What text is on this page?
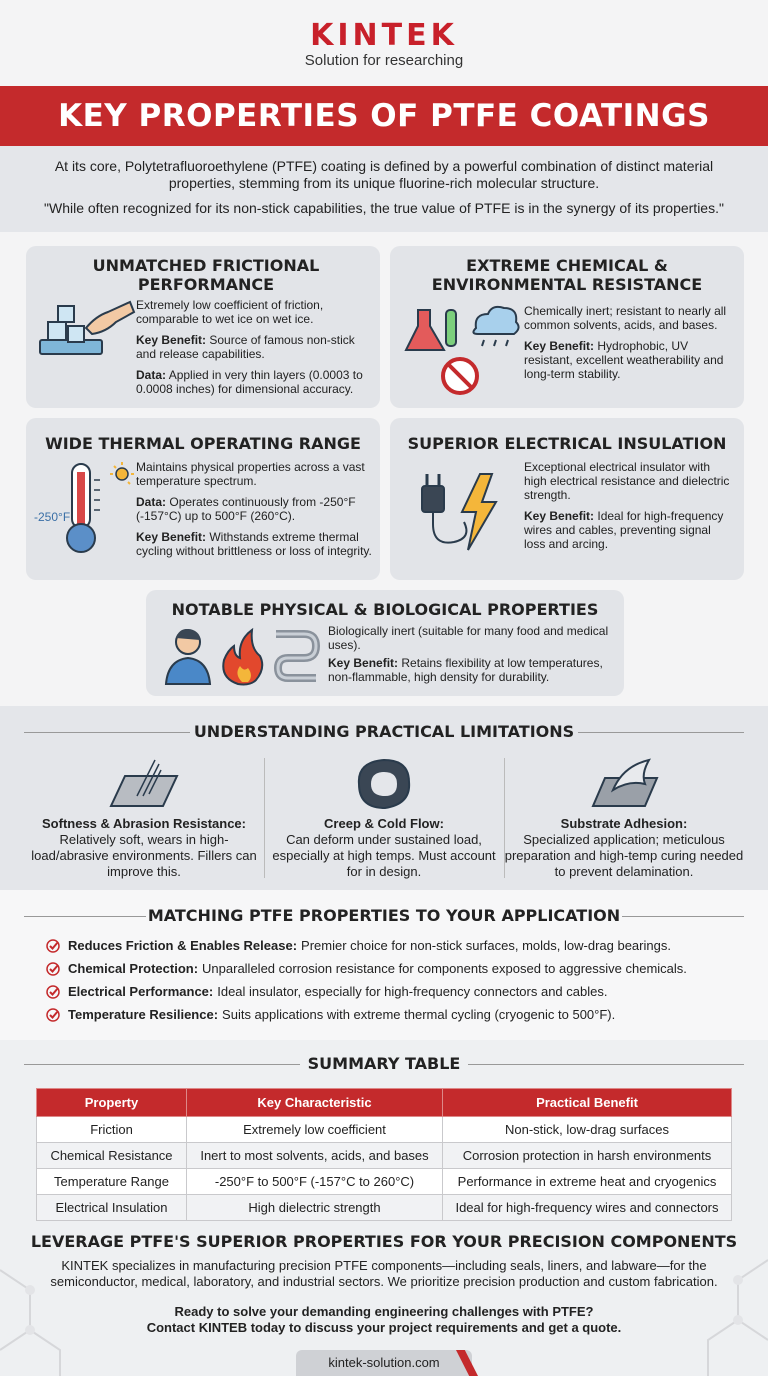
KINTEK
Solution for researching
KEY PROPERTIES OF PTFE COATINGS

At its core, Polytetrafluoroethylene (PTFE) coating is defined by a powerful combination of distinct material properties, stemming from its unique fluorine-rich molecular structure.

"While often recognized for its non-stick capabilities, the true value of PTFE is in the synergy of its properties."

UNMATCHED FRICTIONAL PERFORMANCE

Extremely low coefficient of friction, comparable to wet ice on wet ice.

Key Benefit: Source of famous non-stick and release capabilities.

Data: Applied in very thin layers (0.0003 to 0.0008 inches) for dimensional accuracy.

EXTREME CHEMICAL & ENVIRONMENTAL RESISTANCE

Chemically inert; resistant to nearly all common solvents, acids, and bases.

Key Benefit: Hydrophobic, UV resistant, excellent weatherability and long-term stability.

WIDE THERMAL OPERATING RANGE
-250°F

Maintains physical properties across a vast temperature spectrum.

Data: Operates continuously from -250°F (-157°C) up to 500°F (260°C).

Key Benefit: Withstands extreme thermal cycling without brittleness or loss of integrity.

SUPERIOR ELECTRICAL INSULATION

Exceptional electrical insulator with high electrical resistance and dielectric strength.

Key Benefit: Ideal for high-frequency wires and cables, preventing signal loss and arcing.

NOTABLE PHYSICAL & BIOLOGICAL PROPERTIES

Biologically inert (suitable for many food and medical uses).

Key Benefit: Retains flexibility at low temperatures, non-flammable, high density for durability.

UNDERSTANDING PRACTICAL LIMITATIONS
Softness & Abrasion Resistance:
Relatively soft, wears in high-load/abrasive environments. Fillers can improve this.
Creep & Cold Flow:
Can deform under sustained load, especially at high temps. Must account for in design.
Substrate Adhesion:
Specialized application; meticulous preparation and high-temp curing needed to prevent delamination.
MATCHING PTFE PROPERTIES TO YOUR APPLICATION
Reduces Friction & Enables Release: Premier choice for non-stick surfaces, molds, low-drag bearings.
Chemical Protection: Unparalleled corrosion resistance for components exposed to aggressive chemicals.
Electrical Performance: Ideal insulator, especially for high-frequency connectors and cables.
Temperature Resilience: Suits applications with extreme thermal cycling (cryogenic to 500°F).
SUMMARY TABLE
Property	Key Characteristic	Practical Benefit
Friction	Extremely low coefficient	Non-stick, low-drag surfaces
Chemical Resistance	Inert to most solvents, acids, and bases	Corrosion protection in harsh environments
Temperature Range	-250°F to 500°F (-157°C to 260°C)	Performance in extreme heat and cryogenics
Electrical Insulation	High dielectric strength	Ideal for high-frequency wires and connectors
LEVERAGE PTFE'S SUPERIOR PROPERTIES FOR YOUR PRECISION COMPONENTS
KINTEK specializes in manufacturing precision PTFE components—including seals, liners, and labware—for the semiconductor, medical, laboratory, and industrial sectors. We prioritize precision production and custom fabrication.
Ready to solve your demanding engineering challenges with PTFE?
Contact KINTEB today to discuss your project requirements and get a quote.
kintek-solution.com
